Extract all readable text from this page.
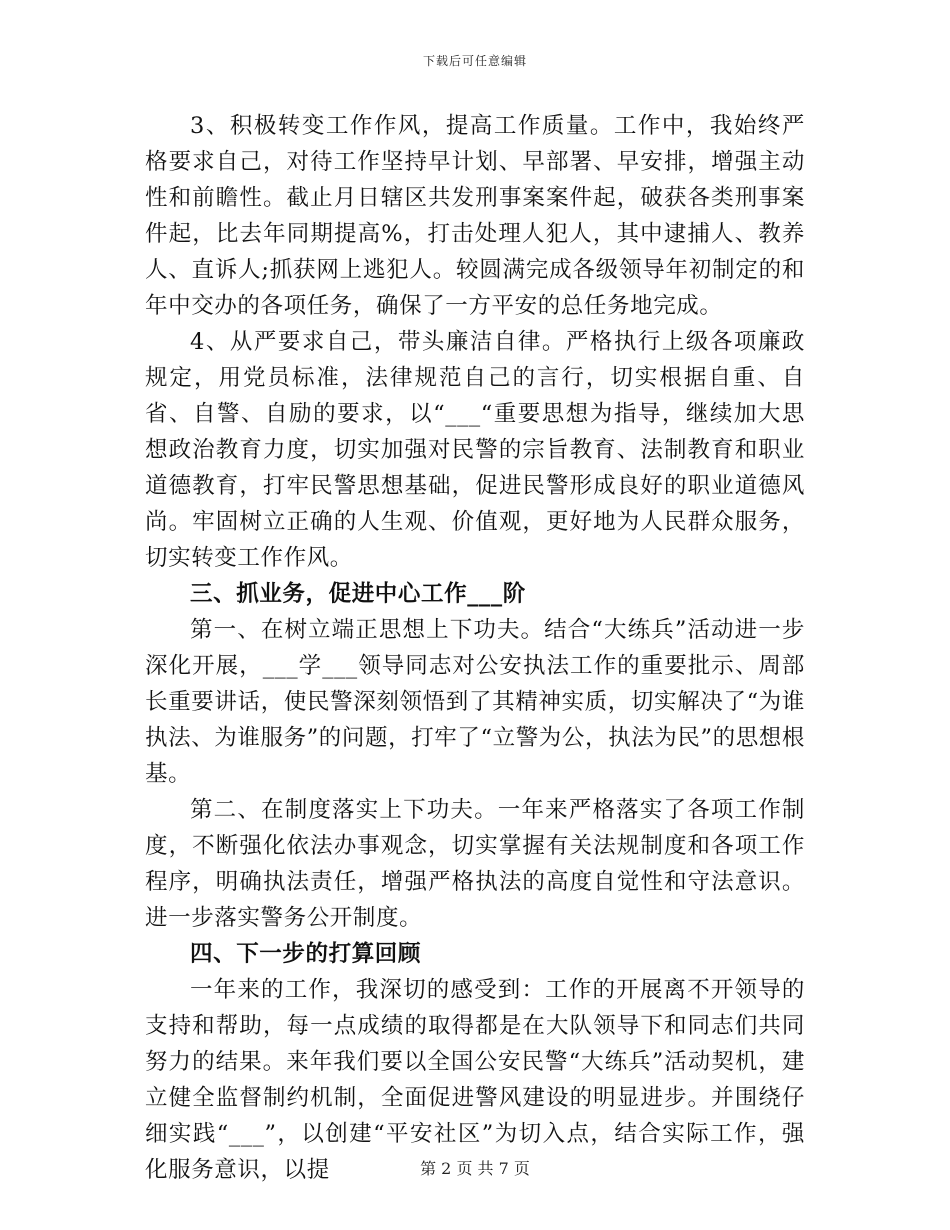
下载后可任意编辑

3、积极转变工作作风，提高工作质量。工作中，我始终严格要求自己，对待工作坚持早计划、早部署、早安排，增强主动性和前瞻性。截止月日辖区共发刑事案案件起，破获各类刑事案件起，比去年同期提高%，打击处理人犯人，其中逮捕人、教养人、直诉人;抓获网上逃犯人。较圆满完成各级领导年初制定的和年中交办的各项任务，确保了一方平安的总任务地完成。

4、从严要求自己，带头廉洁自律。严格执行上级各项廉政规定，用党员标准，法律规范自己的言行，切实根据自重、自省、自警、自励的要求，以“___“重要思想为指导，继续加大思想政治教育力度，切实加强对民警的宗旨教育、法制教育和职业道德教育，打牢民警思想基础，促进民警形成良好的职业道德风尚。牢固树立正确的人生观、价值观，更好地为人民群众服务，切实转变工作作风。

三、抓业务，促进中心工作___阶

第一、在树立端正思想上下功夫。结合“大练兵”活动进一步深化开展，___学___领导同志对公安执法工作的重要批示、周部长重要讲话，使民警深刻领悟到了其精神实质，切实解决了“为谁执法、为谁服务”的问题，打牢了“立警为公，执法为民”的思想根基。

第二、在制度落实上下功夫。一年来严格落实了各项工作制度，不断强化依法办事观念，切实掌握有关法规制度和各项工作程序，明确执法责任，增强严格执法的高度自觉性和守法意识。进一步落实警务公开制度。

四、下一步的打算回顾

一年来的工作，我深切的感受到：工作的开展离不开领导的支持和帮助，每一点成绩的取得都是在大队领导下和同志们共同努力的结果。来年我们要以全国公安民警“大练兵”活动契机，建立健全监督制约机制，全面促进警风建设的明显进步。并围绕仔细实践“___”，以创建“平安社区”为切入点，结合实际工作，强化服务意识，以提	第 2 页 共 7 页
